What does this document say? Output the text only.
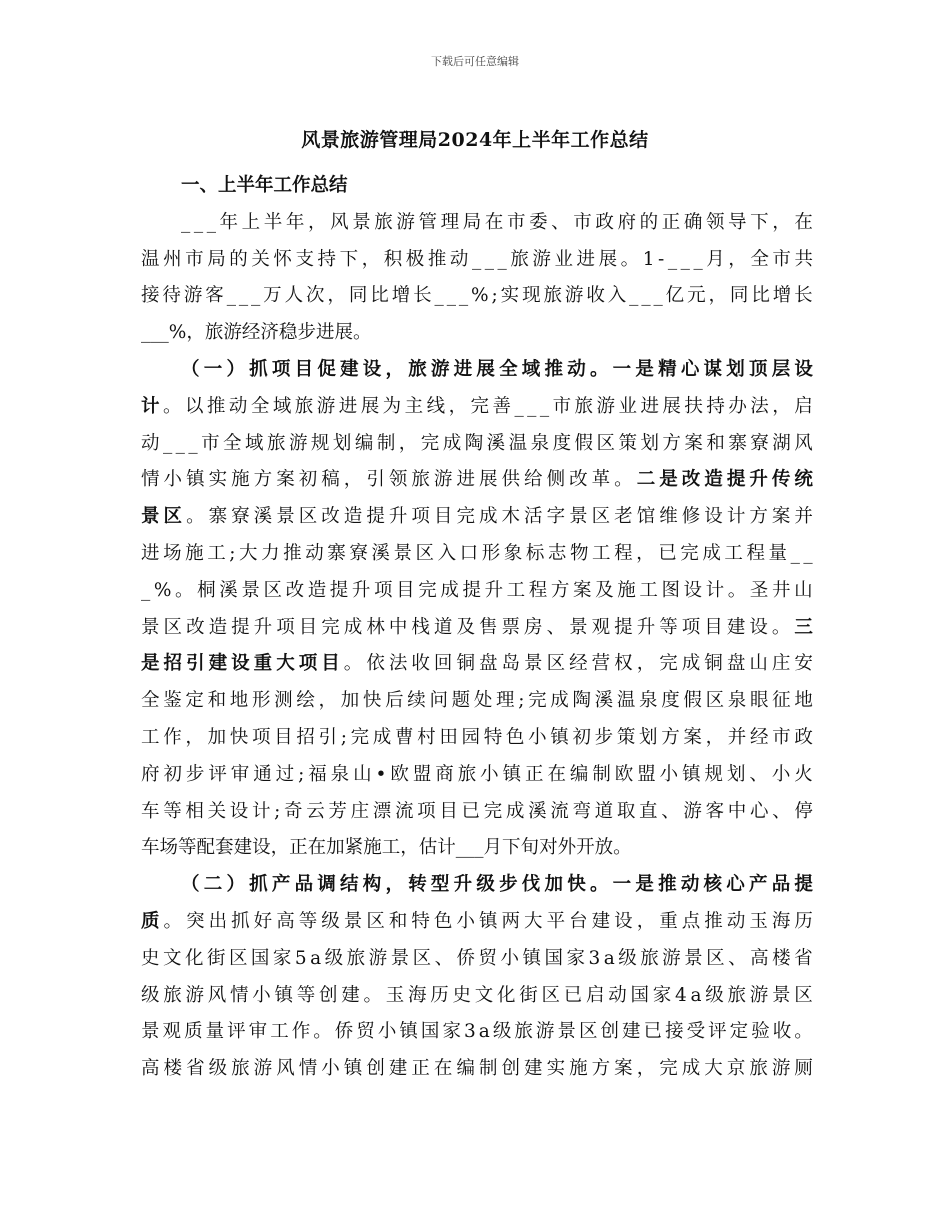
下载后可任意编辑
风景旅游管理局2024年上半年工作总结
一、上半年工作总结
_ _ _ 年 上 半 年 ， 风 景 旅 游 管 理 局 在 市 委 、 市 政 府 的 正 确 领 导 下 ， 在
温 州 市 局 的 关 怀 支 持 下 ， 积 极 推 动 _ _ _ 旅 游 业 进 展 。 1 - _ _ _ 月 ， 全 市 共
接 待 游 客 _ _ _ 万 人 次 ， 同 比 增 长 _ _ _ % ; 实 现 旅 游 收 入 _ _ _ 亿 元 ， 同 比 增 长
_ _ _ % ， 旅 游 经 济 稳 步 进 展 。
（ 一 ） 抓 项 目 促 建 设 ， 旅 游 进 展 全 域 推 动 。 一 是 精 心 谋 划 顶 层 设
计 。 以 推 动 全 域 旅 游 进 展 为 主 线 ， 完 善 _ _ _ 市 旅 游 业 进 展 扶 持 办 法 ， 启
动 _ _ _ 市 全 域 旅 游 规 划 编 制 ， 完 成 陶 溪 温 泉 度 假 区 策 划 方 案 和 寨 寮 湖 风
情 小 镇 实 施 方 案 初 稿 ， 引 领 旅 游 进 展 供 给 侧 改 革 。 二 是 改 造 提 升 传 统
景 区 。 寨 寮 溪 景 区 改 造 提 升 项 目 完 成 木 活 字 景 区 老 馆 维 修 设 计 方 案 并
进 场 施 工 ; 大 力 推 动 寨 寮 溪 景 区 入 口 形 象 标 志 物 工 程 ， 已 完 成 工 程 量 _ _
_ % 。 桐 溪 景 区 改 造 提 升 项 目 完 成 提 升 工 程 方 案 及 施 工 图 设 计 。 圣 井 山
景 区 改 造 提 升 项 目 完 成 林 中 栈 道 及 售 票 房 、 景 观 提 升 等 项 目 建 设 。 三
是 招 引 建 设 重 大 项 目 。 依 法 收 回 铜 盘 岛 景 区 经 营 权 ， 完 成 铜 盘 山 庄 安
全 鉴 定 和 地 形 测 绘 ， 加 快 后 续 问 题 处 理 ; 完 成 陶 溪 温 泉 度 假 区 泉 眼 征 地
工 作 ， 加 快 项 目 招 引 ; 完 成 曹 村 田 园 特 色 小 镇 初 步 策 划 方 案 ， 并 经 市 政
府 初 步 评 审 通 过 ; 福 泉 山 • 欧 盟 商 旅 小 镇 正 在 编 制 欧 盟 小 镇 规 划 、 小 火
车 等 相 关 设 计 ; 奇 云 芳 庄 漂 流 项 目 已 完 成 溪 流 弯 道 取 直 、 游 客 中 心 、 停
车 场 等 配 套 建 设 ， 正 在 加 紧 施 工 ， 估 计 _ _ _ 月 下 旬 对 外 开 放 。
（ 二 ） 抓 产 品 调 结 构 ， 转 型 升 级 步 伐 加 快 。 一 是 推 动 核 心 产 品 提
质 。 突 出 抓 好 高 等 级 景 区 和 特 色 小 镇 两 大 平 台 建 设 ， 重 点 推 动 玉 海 历
史 文 化 街 区 国 家 5 a 级 旅 游 景 区 、 侨 贸 小 镇 国 家 3 a 级 旅 游 景 区 、 高 楼 省
级 旅 游 风 情 小 镇 等 创 建 。 玉 海 历 史 文 化 街 区 已 启 动 国 家 4 a 级 旅 游 景 区
景 观 质 量 评 审 工 作 。 侨 贸 小 镇 国 家 3 a 级 旅 游 景 区 创 建 已 接 受 评 定 验 收 。
高 楼 省 级 旅 游 风 情 小 镇 创 建 正 在 编 制 创 建 实 施 方 案 ， 完 成 大 京 旅 游 厕
